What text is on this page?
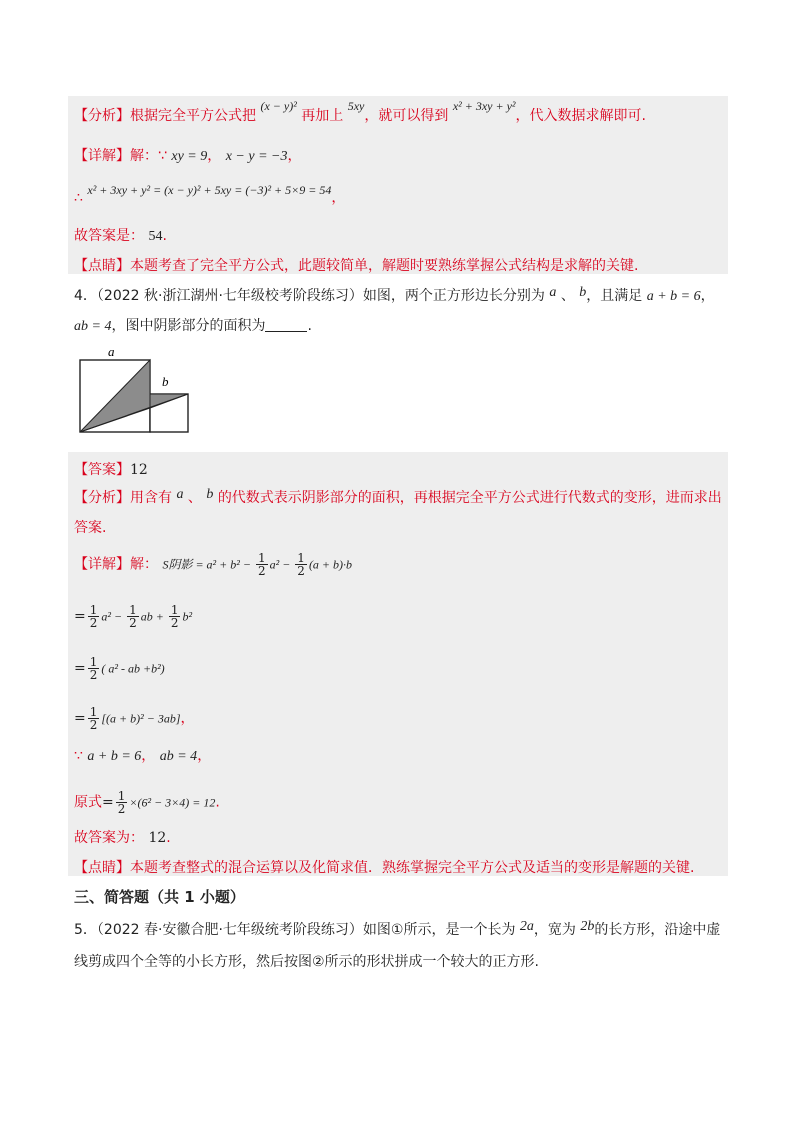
【分析】根据完全平方公式把 (x − y)² 再加上 5xy，就可以得到 x² + 3xy + y²，代入数据求解即可.
【详解】解：∵ xy = 9， x − y = −3，
∴ x² + 3xy + y² = (x − y)² + 5xy = (−3)² + 5×9 = 54，
故答案是： 54.
【点睛】本题考查了完全平方公式，此题较简单，解题时要熟练掌握公式结构是求解的关键.
4．（2022 秋·浙江湖州·七年级校考阶段练习）如图，两个正方形边长分别为 a 、 b，且满足 a + b = 6，
ab = 4，图中阴影部分的面积为	.
a
b
【答案】12
【分析】用含有 a 、 b 的代数式表示阴影部分的面积，再根据完全平方公式进行代数式的变形，进而求出
答案.
【详解】解： S阴影 = $a^2 + b^2 - \frac{1}{2} a^2 - \frac{1}{2} (a + b)\cdot b$
= $\frac{1}{2} a^2 - \frac{1}{2}$ ab + $\frac{1}{2} b^2$
= $\frac{1}{2}$ ( a² - ab +b²)
= $\frac{1}{2} [(a + b)^2 - 3ab]$，
∵ a + b = 6， ab = 4，
原式= $\frac{1}{2} \times(6^2 - 3\times 4) = 12$.
故答案为： 12.
【点睛】本题考查整式的混合运算以及化简求值．熟练掌握完全平方公式及适当的变形是解题的关键.
三、简答题（共 1 小题）
5．（2022 春·安徽合肥·七年级统考阶段练习）如图①所示，是一个长为 2a，宽为 2b的长方形，沿途中虚
线剪成四个全等的小长方形，然后按图②所示的形状拼成一个较大的正方形.
